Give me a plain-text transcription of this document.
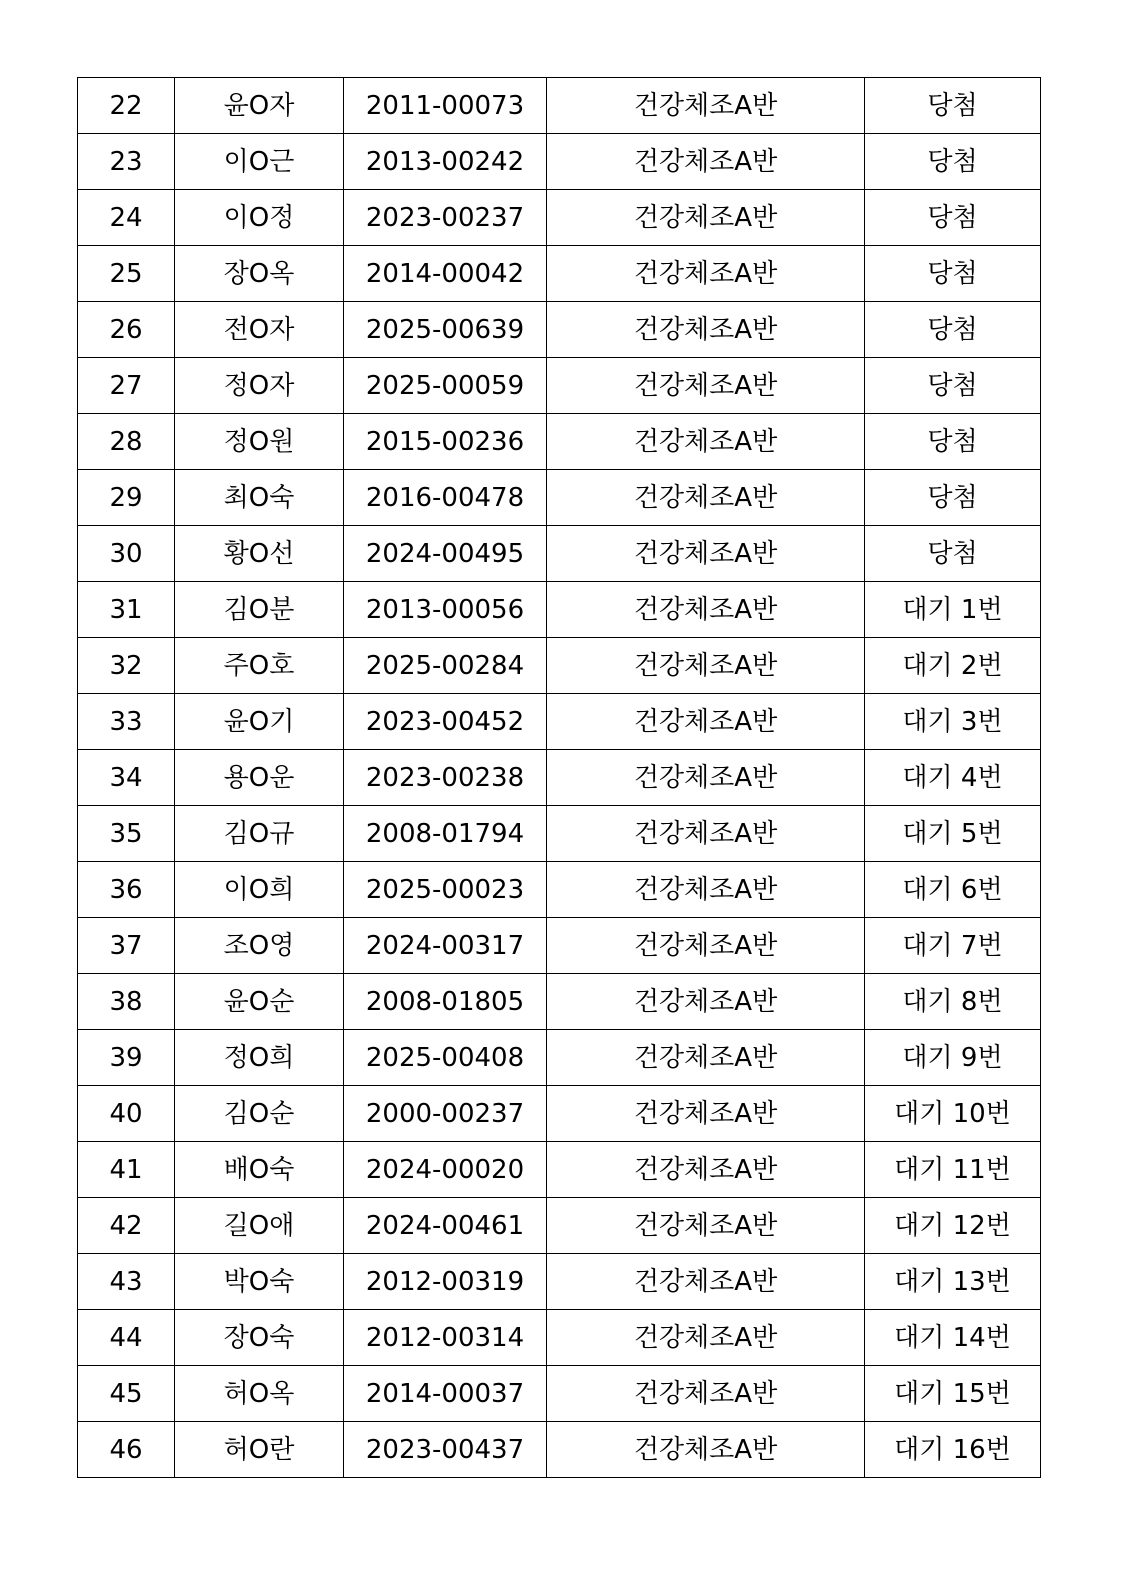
22	윤O자	2011-00073	건강체조A반	당첨
23	이O근	2013-00242	건강체조A반	당첨
24	이O정	2023-00237	건강체조A반	당첨
25	장O옥	2014-00042	건강체조A반	당첨
26	전O자	2025-00639	건강체조A반	당첨
27	정O자	2025-00059	건강체조A반	당첨
28	정O원	2015-00236	건강체조A반	당첨
29	최O숙	2016-00478	건강체조A반	당첨
30	황O선	2024-00495	건강체조A반	당첨
31	김O분	2013-00056	건강체조A반	대기 1번
32	주O호	2025-00284	건강체조A반	대기 2번
33	윤O기	2023-00452	건강체조A반	대기 3번
34	용O운	2023-00238	건강체조A반	대기 4번
35	김O규	2008-01794	건강체조A반	대기 5번
36	이O희	2025-00023	건강체조A반	대기 6번
37	조O영	2024-00317	건강체조A반	대기 7번
38	윤O순	2008-01805	건강체조A반	대기 8번
39	정O희	2025-00408	건강체조A반	대기 9번
40	김O순	2000-00237	건강체조A반	대기 10번
41	배O숙	2024-00020	건강체조A반	대기 11번
42	길O애	2024-00461	건강체조A반	대기 12번
43	박O숙	2012-00319	건강체조A반	대기 13번
44	장O숙	2012-00314	건강체조A반	대기 14번
45	허O옥	2014-00037	건강체조A반	대기 15번
46	허O란	2023-00437	건강체조A반	대기 16번
